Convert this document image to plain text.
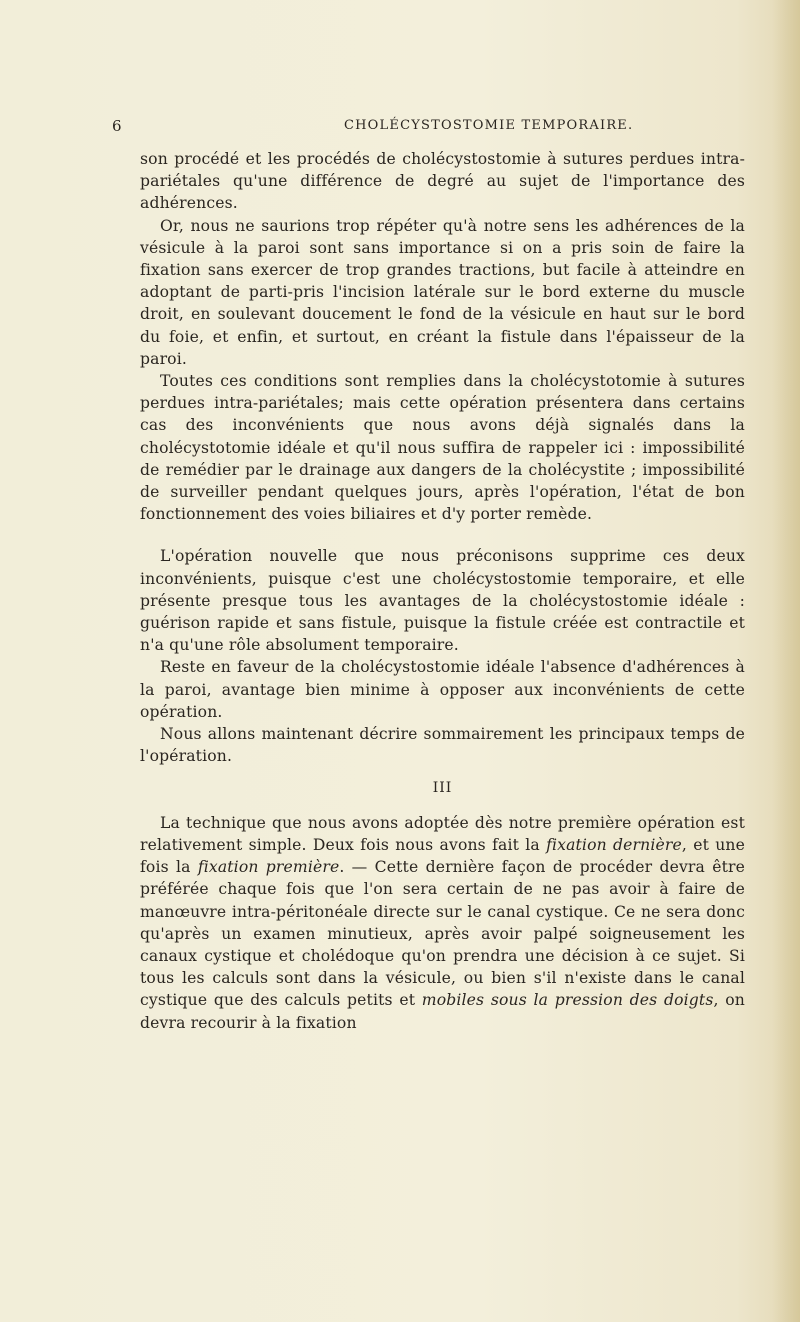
6	CHOLÉCYSTOSTOMIE TEMPORAIRE.

son procédé et les procédés de cholécystostomie à sutures perdues intra-pariétales qu'une différence de degré au sujet de l'importance des adhérences.

Or, nous ne saurions trop répéter qu'à notre sens les adhérences de la vésicule à la paroi sont sans importance si on a pris soin de faire la fixation sans exercer de trop grandes tractions, but facile à atteindre en adoptant de parti-pris l'incision latérale sur le bord externe du muscle droit, en soulevant doucement le fond de la vésicule en haut sur le bord du foie, et enfin, et surtout, en créant la fistule dans l'épaisseur de la paroi.

Toutes ces conditions sont remplies dans la cholécystotomie à sutures perdues intra-pariétales; mais cette opération présentera dans certains cas des inconvénients que nous avons déjà signalés dans la cholécystotomie idéale et qu'il nous suffira de rappeler ici : impossibilité de remédier par le drainage aux dangers de la cholécystite ; impossibilité de surveiller pendant quelques jours, après l'opération, l'état de bon fonctionnement des voies biliaires et d'y porter remède.

L'opération nouvelle que nous préconisons supprime ces deux inconvénients, puisque c'est une cholécystostomie temporaire, et elle présente presque tous les avantages de la cholécystostomie idéale : guérison rapide et sans fistule, puisque la fistule créée est contractile et n'a qu'une rôle absolument temporaire.

Reste en faveur de la cholécystostomie idéale l'absence d'adhérences à la paroi, avantage bien minime à opposer aux inconvénients de cette opération.

Nous allons maintenant décrire sommairement les principaux temps de l'opération.

III

La technique que nous avons adoptée dès notre première opération est relativement simple. Deux fois nous avons fait la fixation dernière, et une fois la fixation première. — Cette dernière façon de procéder devra être préférée chaque fois que l'on sera certain de ne pas avoir à faire de manœuvre intra-péritonéale directe sur le canal cystique. Ce ne sera donc qu'après un examen minutieux, après avoir palpé soigneusement les canaux cystique et cholédoque qu'on prendra une décision à ce sujet. Si tous les calculs sont dans la vésicule, ou bien s'il n'existe dans le canal cystique que des calculs petits et mobiles sous la pression des doigts, on devra recourir à la fixation
